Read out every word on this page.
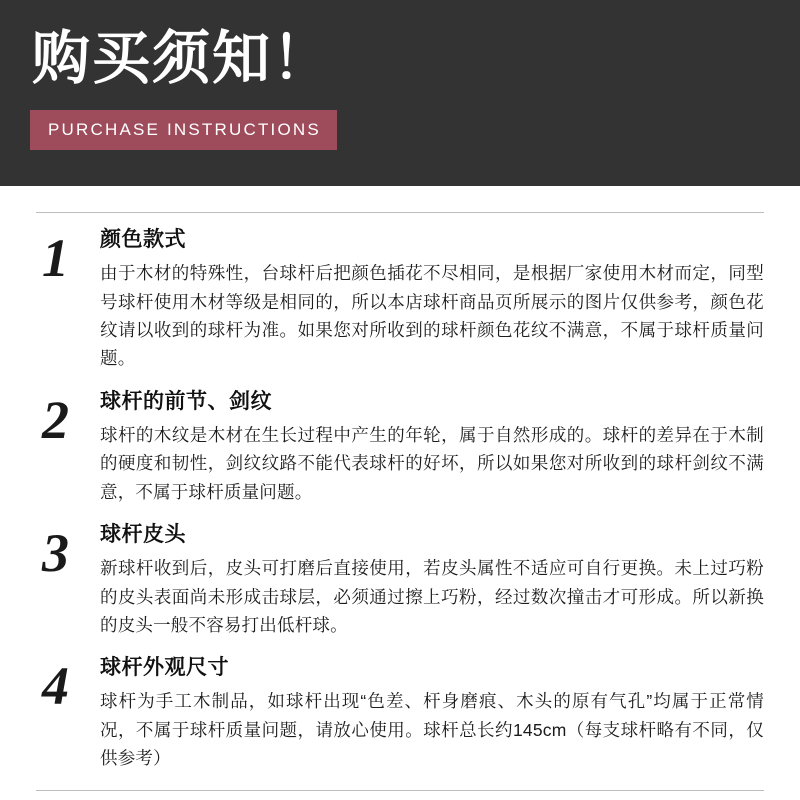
购买须知！
PURCHASE INSTRUCTIONS
1	颜色款式

由于木材的特殊性，台球杆后把颜色插花不尽相同，是根据厂家使用木材而定，同型号球杆使用木材等级是相同的，所以本店球杆商品页所展示的图片仅供参考，颜色花纹请以收到的球杆为准。如果您对所收到的球杆颜色花纹不满意，不属于球杆质量问题。

2	球杆的前节、剑纹

球杆的木纹是木材在生长过程中产生的年轮，属于自然形成的。球杆的差异在于木制的硬度和韧性，剑纹纹路不能代表球杆的好坏，所以如果您对所收到的球杆剑纹不满意，不属于球杆质量问题。

3	球杆皮头

新球杆收到后，皮头可打磨后直接使用，若皮头属性不适应可自行更换。未上过巧粉的皮头表面尚未形成击球层，必须通过擦上巧粉，经过数次撞击才可形成。所以新换的皮头一般不容易打出低杆球。

4	球杆外观尺寸

球杆为手工木制品，如球杆出现“色差、杆身磨痕、木头的原有气孔”均属于正常情况，不属于球杆质量问题，请放心使用。球杆总长约145cm（每支球杆略有不同，仅供参考）
